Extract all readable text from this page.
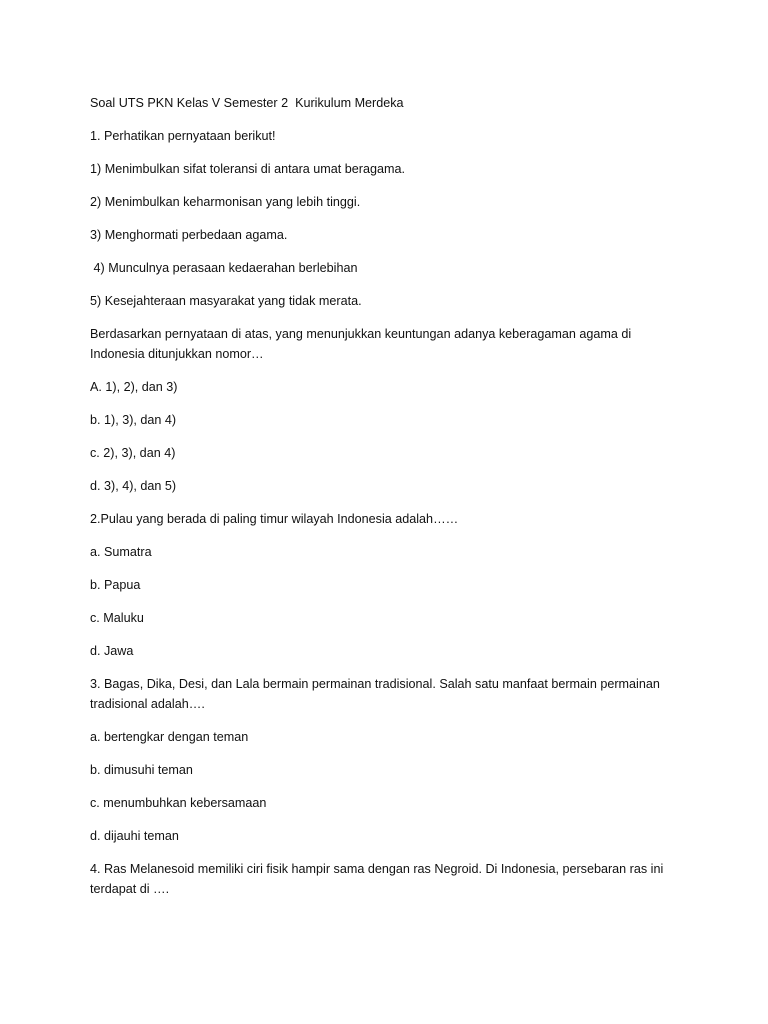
Soal UTS PKN Kelas V Semester 2  Kurikulum Merdeka

1. Perhatikan pernyataan berikut!

1) Menimbulkan sifat toleransi di antara umat beragama.

2) Menimbulkan keharmonisan yang lebih tinggi.

3) Menghormati perbedaan agama.

4) Munculnya perasaan kedaerahan berlebihan

5) Kesejahteraan masyarakat yang tidak merata.

Berdasarkan pernyataan di atas, yang menunjukkan keuntungan adanya keberagaman agama di Indonesia ditunjukkan nomor…

A. 1), 2), dan 3)

b. 1), 3), dan 4)

c. 2), 3), dan 4)

d. 3), 4), dan 5)

2.Pulau yang berada di paling timur wilayah Indonesia adalah……

a. Sumatra

b. Papua

c. Maluku

d. Jawa

3. Bagas, Dika, Desi, dan Lala bermain permainan tradisional. Salah satu manfaat bermain permainan tradisional adalah….

a. bertengkar dengan teman

b. dimusuhi teman

c. menumbuhkan kebersamaan

d. dijauhi teman

4. Ras Melanesoid memiliki ciri fisik hampir sama dengan ras Negroid. Di Indonesia, persebaran ras ini terdapat di ….
